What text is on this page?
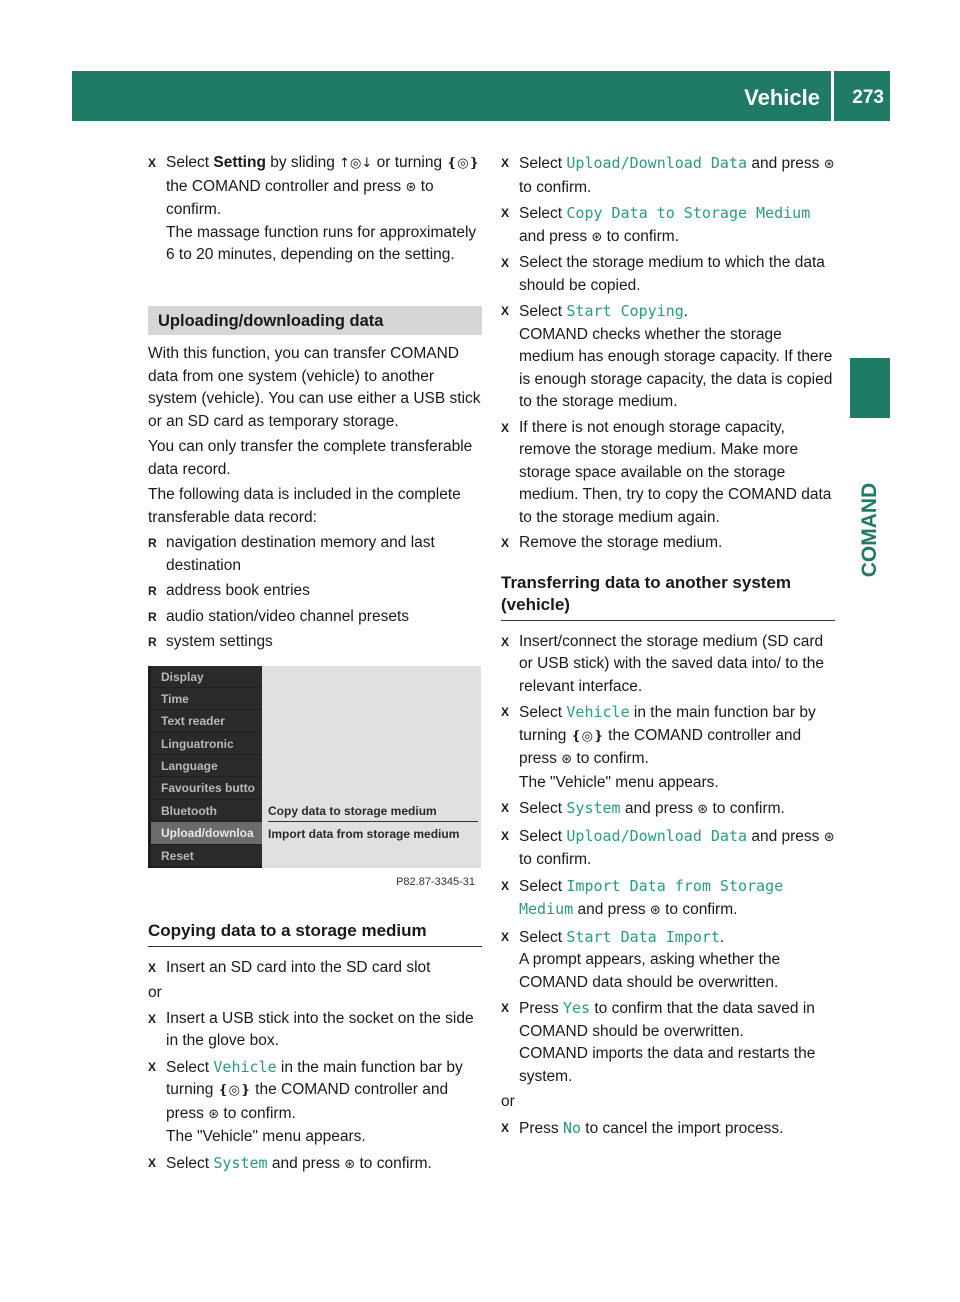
Vehicle 273
COMAND
X Select Setting by sliding ↑◎↓ or turning ❴◎❵ the COMAND controller and press ⊛ to confirm.
The massage function runs for approximately 6 to 20 minutes, depending on the setting.
Uploading/downloading data
With this function, you can transfer COMAND data from one system (vehicle) to another system (vehicle). You can use either a USB stick or an SD card as temporary storage.
You can only transfer the complete transferable data record.
The following data is included in the complete transferable data record:
R navigation destination memory and last destination
R address book entries
R audio station/video channel presets
R system settings
Display
Time
Text reader
Linguatronic
Language
Favourites butto
Bluetooth
Upload/downloa
Reset
Copy data to storage medium
Import data from storage medium
P82.87-3345-31
Copying data to a storage medium
X Insert an SD card into the SD card slot
or
X Insert a USB stick into the socket on the side in the glove box.
X Select Vehicle in the main function bar by turning ❴◎❵ the COMAND controller and press ⊛ to confirm.
The "Vehicle" menu appears.
X Select System and press ⊛ to confirm.
X Select Upload/Download Data and press ⊛ to confirm.
X Select Copy Data to Storage Medium and press ⊛ to confirm.
X Select the storage medium to which the data should be copied.
X Select Start Copying.
COMAND checks whether the storage medium has enough storage capacity. If there is enough storage capacity, the data is copied to the storage medium.
X If there is not enough storage capacity, remove the storage medium. Make more storage space available on the storage medium. Then, try to copy the COMAND data to the storage medium again.
X Remove the storage medium.
Transferring data to another system (vehicle)
X Insert/connect the storage medium (SD card or USB stick) with the saved data into/ to the relevant interface.
X Select Vehicle in the main function bar by turning ❴◎❵ the COMAND controller and press ⊛ to confirm.
The "Vehicle" menu appears.
X Select System and press ⊛ to confirm.
X Select Upload/Download Data and press ⊛ to confirm.
X Select Import Data from Storage Medium and press ⊛ to confirm.
X Select Start Data Import.
A prompt appears, asking whether the COMAND data should be overwritten.
X Press Yes to confirm that the data saved in COMAND should be overwritten.
COMAND imports the data and restarts the system.
or
X Press No to cancel the import process.
